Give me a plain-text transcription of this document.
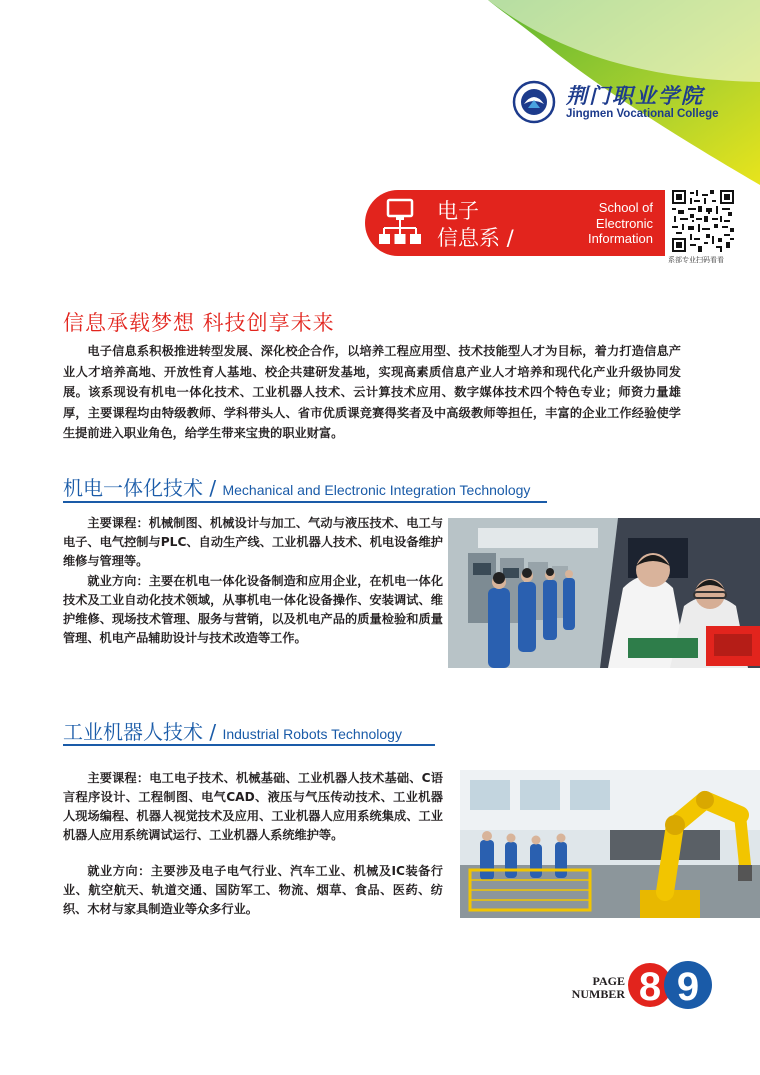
荆门职业学院
Jingmen Vocational College
电子
信息系 /
School of
Electronic
Information
系部专业扫码看看
信息承载梦想 科技创享未来
电子信息系积极推进转型发展、深化校企合作，以培养工程应用型、技术技能型人才为目标，着力打造信息产业人才培养高地、开放性育人基地、校企共建研发基地，实现高素质信息产业人才培养和现代化产业升级协同发展。该系现设有机电一体化技术、工业机器人技术、云计算技术应用、数字媒体技术四个特色专业；师资力量雄厚，主要课程均由特级教师、学科带头人、省市优质课竞赛得奖者及中高级教师等担任，丰富的企业工作经验使学生提前进入职业角色，给学生带来宝贵的职业财富。
机电一体化技术 / Mechanical and Electronic Integration Technology
主要课程：机械制图、机械设计与加工、气动与液压技术、电工与电子、电气控制与PLC、自动生产线、工业机器人技术、机电设备维护维修与管理等。
就业方向：主要在机电一体化设备制造和应用企业，在机电一体化技术及工业自动化技术领域，从事机电一体化设备操作、安装调试、维护维修、现场技术管理、服务与营销，以及机电产品的质量检验和质量管理、机电产品辅助设计与技术改造等工作。
工业机器人技术 / Industrial Robots Technology
主要课程：电工电子技术、机械基础、工业机器人技术基础、C语言程序设计、工程制图、电气CAD、液压与气压传动技术、工业机器人现场编程、机器人视觉技术及应用、工业机器人应用系统集成、工业机器人应用系统调试运行、工业机器人系统维护等。
就业方向：主要涉及电子电气行业、汽车工业、机械及IC装备行业、航空航天、轨道交通、国防军工、物流、烟草、食品、医药、纺织、木材与家具制造业等众多行业。
PAGE
NUMBER 8 9
